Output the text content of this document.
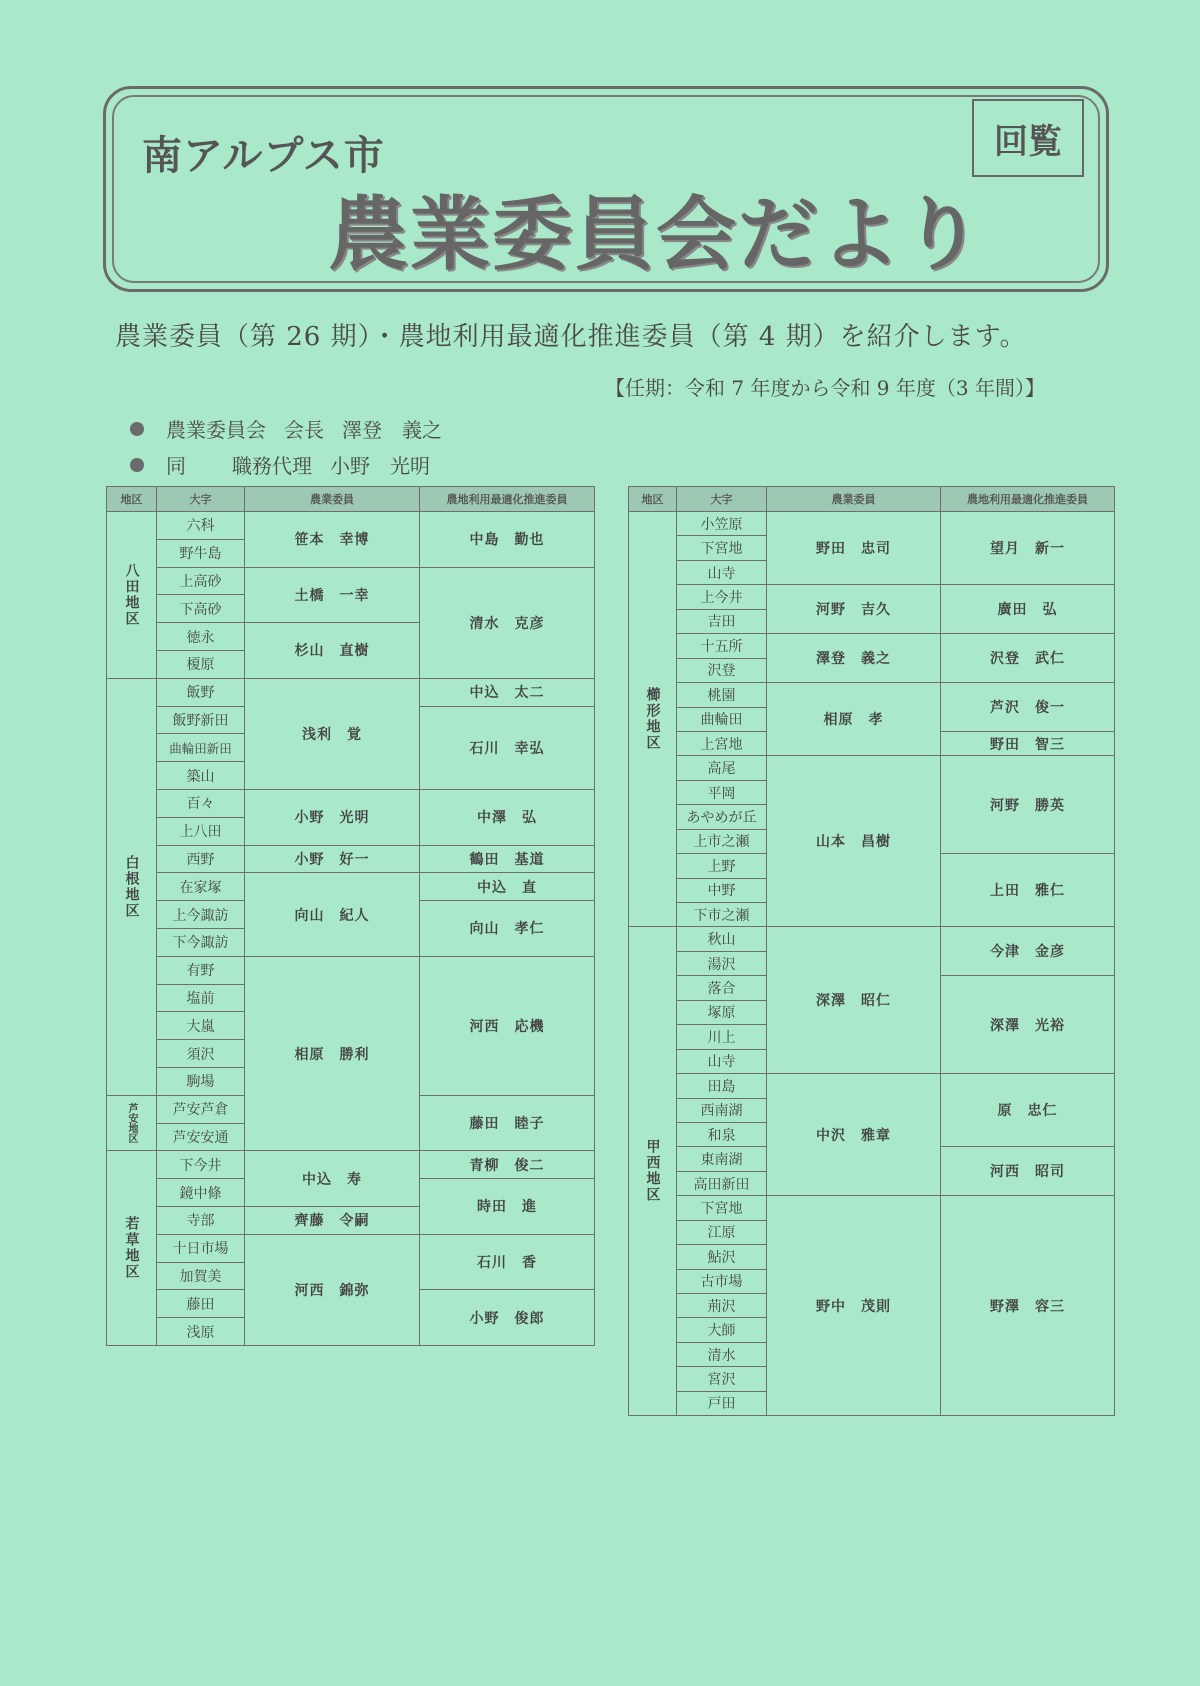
南アルプス市
農業委員会だより
回覧
農業委員（第 26 期）・農地利用最適化推進委員（第 4 期）を紹介します。
【任期：令和 7 年度から令和 9 年度（3 年間）】
農業委員会 会長 澤登　義之
同 職務代理 小野　光明
地区	大字	農業委員	農地利用最適化推進委員
八田地区	六科	笹本　幸博	中島　勤也
	野牛島		
	上高砂	土橋　一幸	清水　克彦
	下高砂		
	徳永	杉山　直樹	
	榎原		
白根地区	飯野	浅利　覚	中込　太二
	飯野新田		石川　幸弘
	曲輪田新田		
	築山		
	百々	小野　光明	中澤　弘
	上八田		
	西野	小野　好一	鶴田　基道
	在家塚	向山　紀人	中込　直
	上今諏訪		向山　孝仁
	下今諏訪		
	有野	相原　勝利	河西　応機
	塩前		
	大嵐		
	須沢		
	駒場		
芦安地区	芦安芦倉		藤田　睦子
	芦安安通		
若草地区	下今井	中込　寿	青柳　俊二
	鏡中條		
			時田　進
	寺部	齊藤　令嗣	
	十日市場	河西　錦弥	石川　香
	加賀美		
	藤田		小野　俊郎
	浅原		
地区	大字	農業委員	農地利用最適化推進委員
櫛形地区	小笠原	野田　忠司	望月　新一
	下宮地		
	山寺		
	上今井	河野　吉久	廣田　弘
	吉田		
	十五所	澤登　義之	沢登　武仁
	沢登		
	桃園	相原　孝	芦沢　俊一
	曲輪田		
	上宮地		野田　智三
	高尾	山本　昌樹	河野　勝英
	平岡		
	あやめが丘		
	上市之瀬		
	上野		上田　雅仁
	中野		
	下市之瀬		
甲西地区	秋山	深澤　昭仁	今津　金彦
	湯沢		
	落合		深澤　光裕
	塚原		
	川上		
	山寺		
	田島	中沢　雅章	原　忠仁
	西南湖		
	和泉		
	東南湖		河西　昭司
	高田新田		
	下宮地	野中　茂則	野澤　容三
	江原		
	鮎沢		
	古市場		
	荊沢		
	大師		
	清水		
	宮沢		
	戸田		
